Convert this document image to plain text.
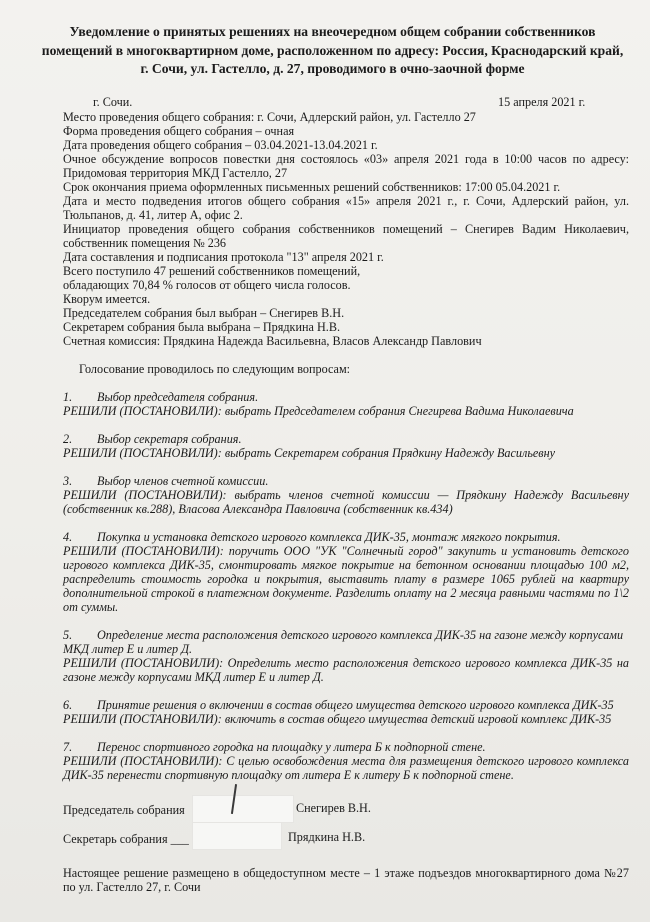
Уведомление о принятых решениях на внеочередном общем собрании собственников помещений в многоквартирном доме, расположенном по адресу: Россия, Краснодарский край, г. Сочи, ул. Гастелло, д. 27, проводимого в очно-заочной форме
г. Сочи.	15 апреля 2021 г.
Место проведения общего собрания: г. Сочи, Адлерский район, ул. Гастелло 27
Форма проведения общего собрания – очная
Дата проведения общего собрания – 03.04.2021-13.04.2021 г.
Очное обсуждение вопросов повестки дня состоялось «03» апреля 2021 года в 10:00 часов по адресу:
Придомовая территория МКД Гастелло, 27
Срок окончания приема оформленных письменных решений собственников: 17:00 05.04.2021 г.
Дата и место подведения итогов общего собрания «15» апреля 2021 г., г. Сочи, Адлерский район, ул.
Тюльпанов, д. 41, литер А, офис 2.
Инициатор проведения общего собрания собственников помещений – Снегирев Вадим Николаевич,
собственник помещения № 236
Дата составления и подписания протокола "13" апреля 2021 г.
Всего поступило 47 решений собственников помещений,
обладающих 70,84 % голосов от общего числа голосов.
Кворум имеется.
Председателем собрания был выбран – Снегирев В.Н.
Секретарем собрания была выбрана – Прядкина Н.В.
Счетная комиссия: Прядкина Надежда Васильевна, Власов Александр Павлович
Голосование проводилось по следующим вопросам:
1. Выбор председателя собрания.
РЕШИЛИ (ПОСТАНОВИЛИ): выбрать Председателем собрания Снегирева Вадима Николаевича
2. Выбор секретаря собрания.
РЕШИЛИ (ПОСТАНОВИЛИ): выбрать Секретарем собрания Прядкину Надежду Васильевну
3. Выбор членов счетной комиссии.
РЕШИЛИ (ПОСТАНОВИЛИ): выбрать членов счетной комиссии — Прядкину Надежду Васильевну
(собственник кв.288), Власова Александра Павловича (собственник кв.434)
4. Покупка и установка детского игрового комплекса ДИК-35, монтаж мягкого покрытия.
РЕШИЛИ (ПОСТАНОВИЛИ): поручить ООО "УК "Солнечный город" закупить и установить детского
игрового комплекса ДИК-35, смонтировать мягкое покрытие на бетонном основании площадью 100 м2,
распределить стоимость городка и покрытия, выставить плату в размере 1065 рублей на квартиру
дополнительной строкой в платежном документе. Разделить оплату на 2 месяца равными частями по 1\2
от суммы.
5. Определение места расположения детского игрового комплекса ДИК-35 на газоне между корпусами
МКД литер Е и литер Д.
РЕШИЛИ (ПОСТАНОВИЛИ): Определить место расположения детского игрового комплекса ДИК-35 на
газоне между корпусами МКД литер Е и литер Д.
6. Принятие решения о включении в состав общего имущества детского игрового комплекса ДИК-35
РЕШИЛИ (ПОСТАНОВИЛИ): включить в состав общего имущества детский игровой комплекс ДИК-35
7. Перенос спортивного городка на площадку у литера Б к подпорной стене.
РЕШИЛИ (ПОСТАНОВИЛИ): С целью освобождения места для размещения детского игрового комплекса
ДИК-35 перенести спортивную площадку от литера Е к литеру Б к подпорной стене.
Председатель собрания	Снегирев В.Н.
Секретарь собрания ___	Прядкина Н.В.
Настоящее решение размещено в общедоступном месте – 1 этаже подъездов многоквартирного дома №27
по ул. Гастелло 27, г. Сочи
